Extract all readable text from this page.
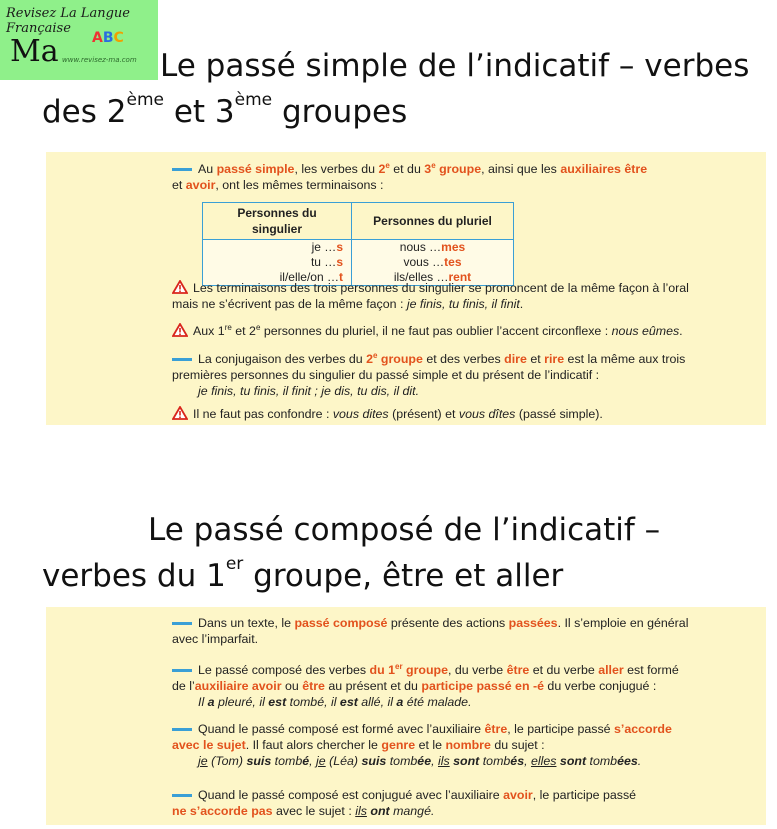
Revisez La Langue Française
Ma ABC
www.revisez-ma.com Le passé simple de l’indicatif – verbes
des 2ème et 3ème groupes
Au passé simple, les verbes du 2e et du 3e groupe, ainsi que les auxiliaires être
et avoir, ont les mêmes terminaisons :
Personnes du singulier	Personnes du pluriel
je …s	nous …mes
tu …s	vous …tes
il/elle/on …t	ils/elles …rent
Les terminaisons des trois personnes du singulier se prononcent de la même façon à l’oral
mais ne s’écrivent pas de la même façon : je finis, tu finis, il finit.
Aux 1re et 2e personnes du pluriel, il ne faut pas oublier l’accent circonflexe : nous eûmes.
La conjugaison des verbes du 2e groupe et des verbes dire et rire est la même aux trois
premières personnes du singulier du passé simple et du présent de l’indicatif :
je finis, tu finis, il finit ; je dis, tu dis, il dit.
Il ne faut pas confondre : vous dites (présent) et vous dîtes (passé simple).
Le passé composé de l’indicatif –
verbes du 1er groupe, être et aller
Dans un texte, le passé composé présente des actions passées. Il s’emploie en général
avec l’imparfait.
Le passé composé des verbes du 1er groupe, du verbe être et du verbe aller est formé
de l’auxiliaire avoir ou être au présent et du participe passé en -é du verbe conjugué :
Il a pleuré, il est tombé, il est allé, il a été malade.
Quand le passé composé est formé avec l’auxiliaire être, le participe passé s’accorde
avec le sujet. Il faut alors chercher le genre et le nombre du sujet :
je (Tom) suis tombé, je (Léa) suis tombée, ils sont tombés, elles sont tombées.
Quand le passé composé est conjugué avec l’auxiliaire avoir, le participe passé
ne s’accorde pas avec le sujet : ils ont mangé.
